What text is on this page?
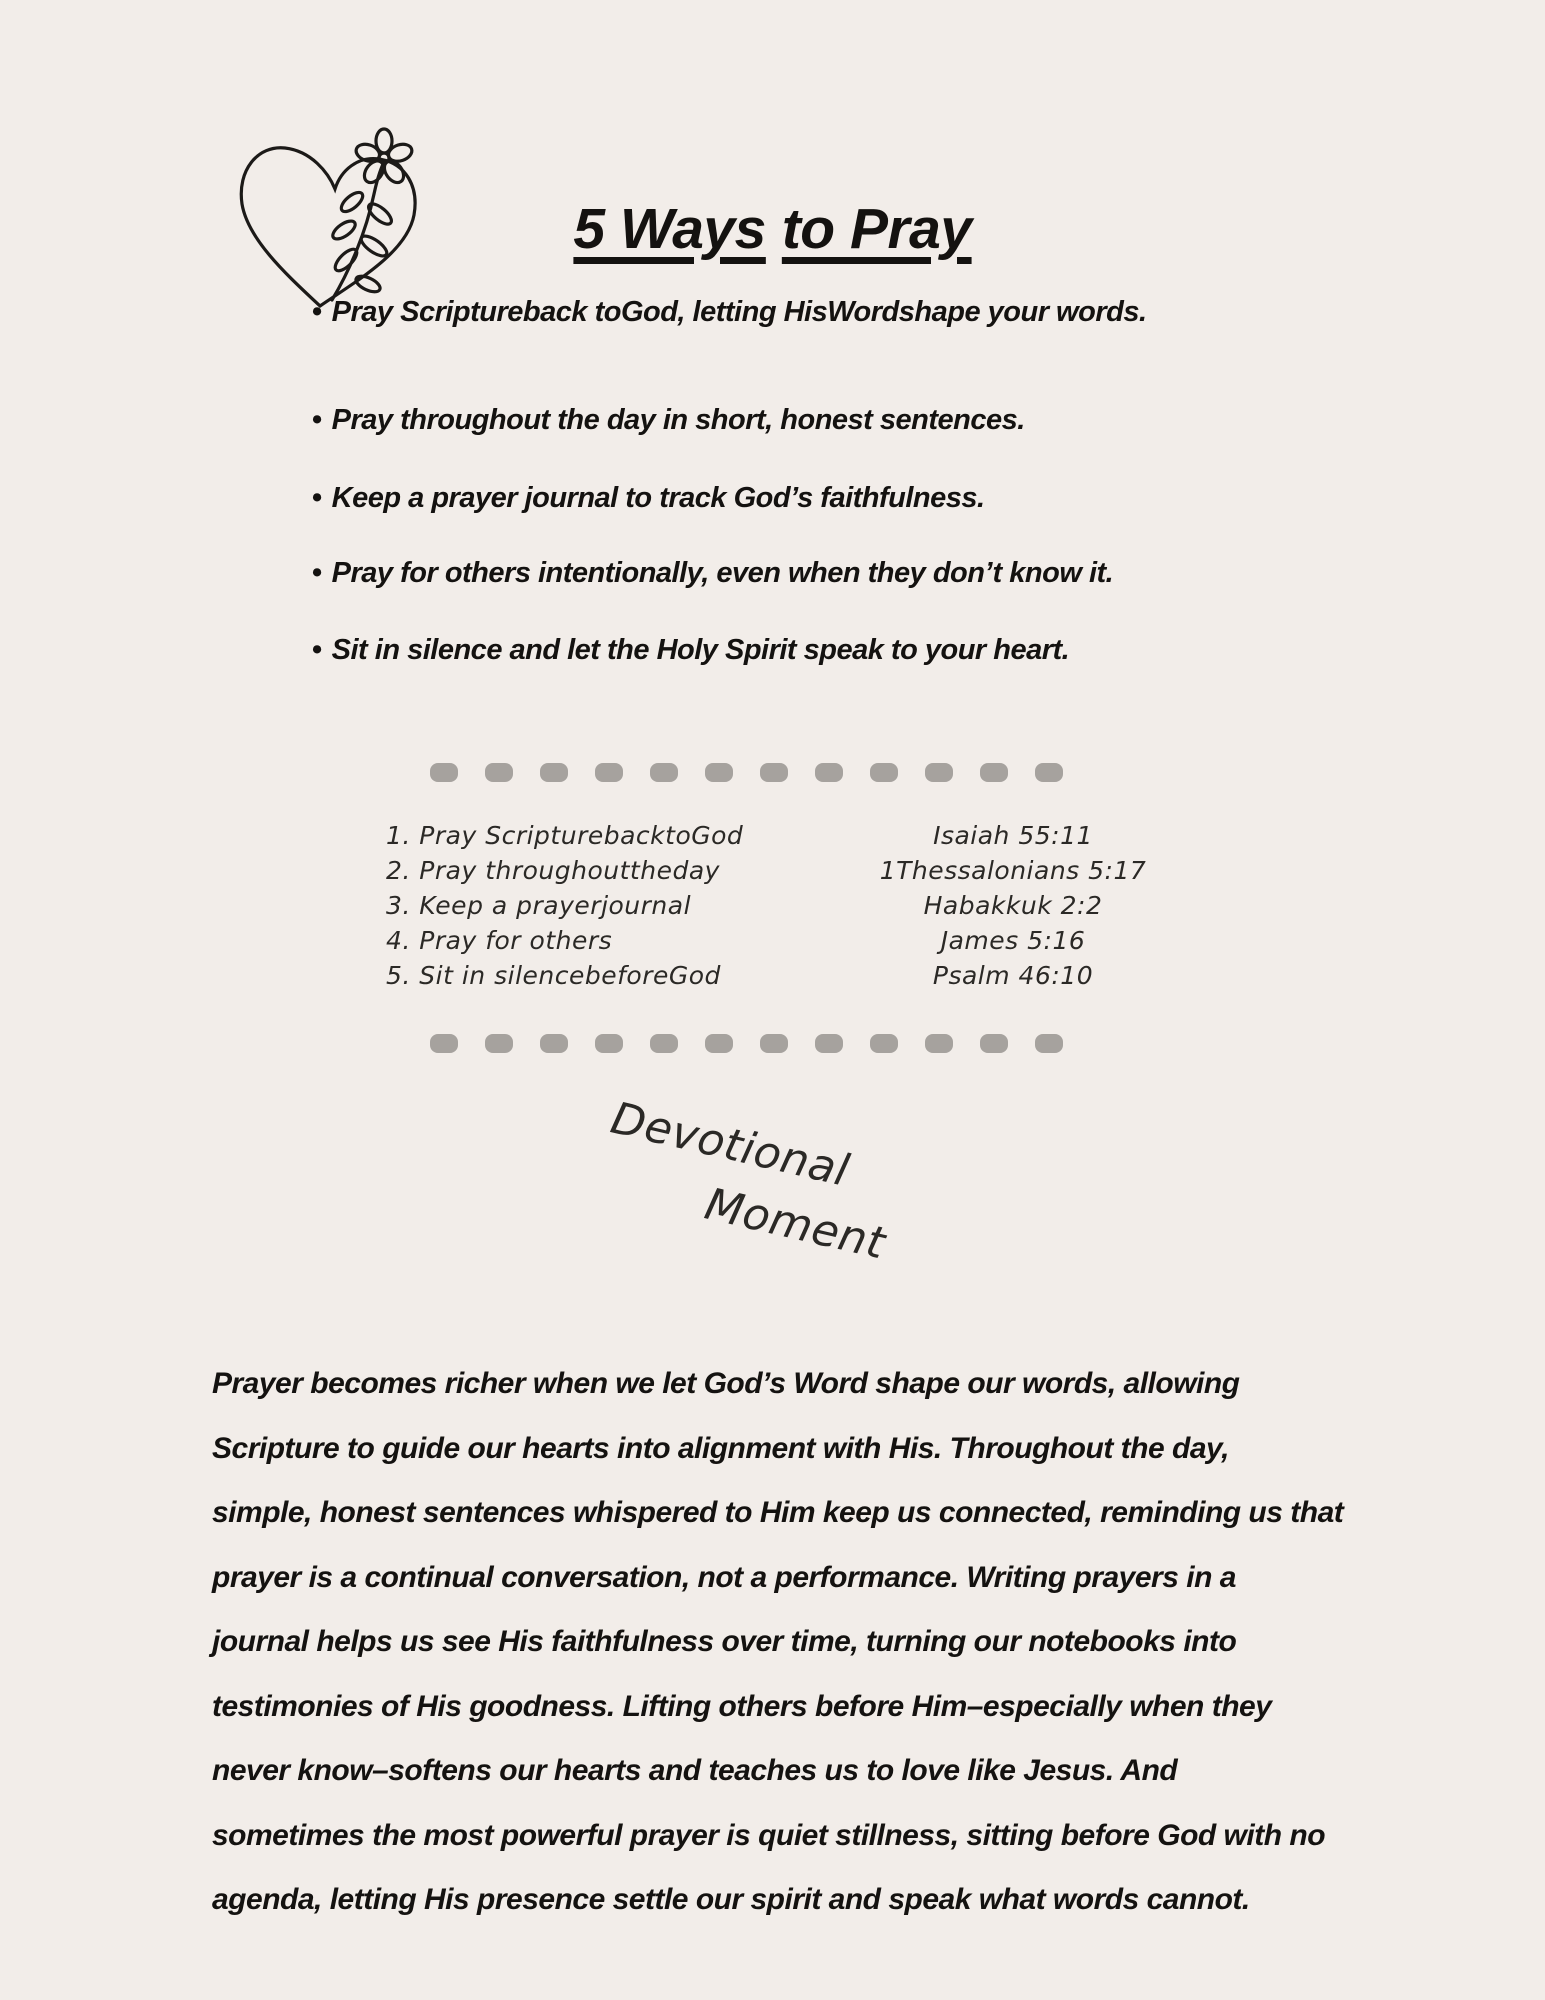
5 Ways to Pray
• Pray Scriptureback toGod, letting HisWordshape your words.
• Pray throughout the day in short, honest sentences.
• Keep a prayer journal to track God’s faithfulness.
• Pray for others intentionally, even when they don’t know it.
• Sit in silence and let the Holy Spirit speak to your heart.
1. Pray ScripturebacktoGod
2. Pray throughouttheday
3. Keep a prayerjournal
4. Pray for others
5. Sit in silencebeforeGod
Isaiah 55:11
1Thessalonians 5:17
Habakkuk 2:2
James 5:16
Psalm 46:10
Devotional
Moment
Prayer becomes richer when we let God’s Word shape our words, allowing
Scripture to guide our hearts into alignment with His. Throughout the day,
simple, honest sentences whispered to Him keep us connected, reminding us that
prayer is a continual conversation, not a performance. Writing prayers in a
journal helps us see His faithfulness over time, turning our notebooks into
testimonies of His goodness. Lifting others before Him–especially when they
never know–softens our hearts and teaches us to love like Jesus. And
sometimes the most powerful prayer is quiet stillness, sitting before God with no
agenda, letting His presence settle our spirit and speak what words cannot.
